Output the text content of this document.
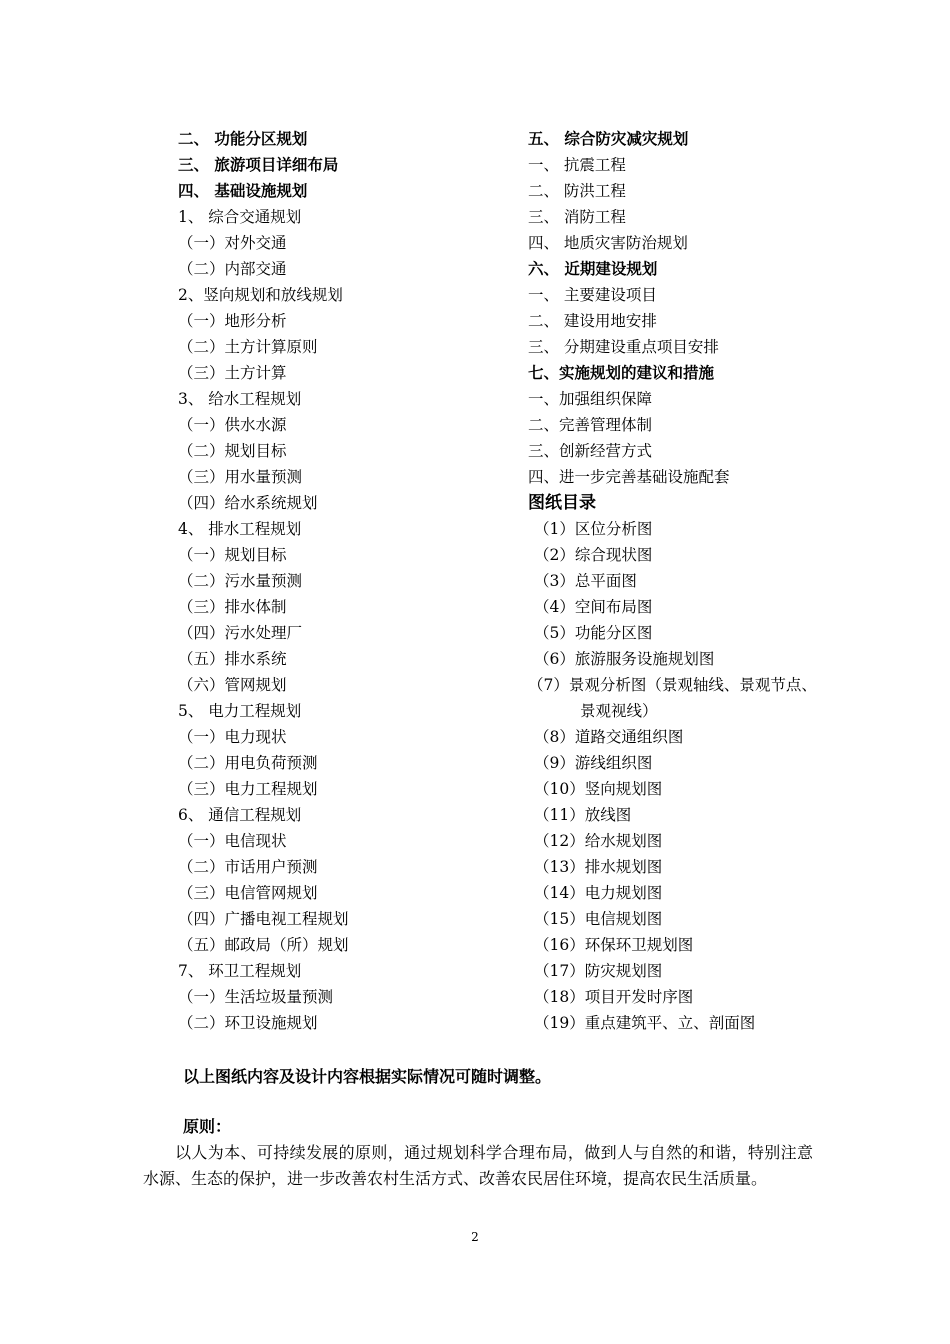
二、 功能分区规划
三、 旅游项目详细布局
四、 基础设施规划
1、 综合交通规划
（一）对外交通
（二）内部交通
2、竖向规划和放线规划
（一）地形分析
（二）土方计算原则
（三）土方计算
3、 给水工程规划
（一）供水水源
（二）规划目标
（三）用水量预测
（四）给水系统规划
4、 排水工程规划
（一）规划目标
（二）污水量预测
（三）排水体制
（四）污水处理厂
（五）排水系统
（六）管网规划
5、 电力工程规划
（一）电力现状
（二）用电负荷预测
（三）电力工程规划
6、 通信工程规划
（一）电信现状
（二）市话用户预测
（三）电信管网规划
（四）广播电视工程规划
（五）邮政局（所）规划
7、 环卫工程规划
（一）生活垃圾量预测
（二）环卫设施规划
五、 综合防灾减灾规划
一、 抗震工程
二、 防洪工程
三、 消防工程
四、 地质灾害防治规划
六、 近期建设规划
一、 主要建设项目
二、 建设用地安排
三、 分期建设重点项目安排
七、实施规划的建议和措施
一、加强组织保障
二、完善管理体制
三、创新经营方式
四、进一步完善基础设施配套
图纸目录
（1）区位分析图
（2）综合现状图
（3）总平面图
（4）空间布局图
（5）功能分区图
（6）旅游服务设施规划图
（7）景观分析图（景观轴线、景观节点、
景观视线）
（8）道路交通组织图
（9）游线组织图
（10）竖向规划图
（11）放线图
（12）给水规划图
（13）排水规划图
（14）电力规划图
（15）电信规划图
（16）环保环卫规划图
（17）防灾规划图
（18）项目开发时序图
（19）重点建筑平、立、剖面图
以上图纸内容及设计内容根据实际情况可随时调整。
原则：
以人为本、可持续发展的原则，通过规划科学合理布局，做到人与自然的和谐，特别注意水源、生态的保护，进一步改善农村生活方式、改善农民居住环境，提高农民生活质量。
2
